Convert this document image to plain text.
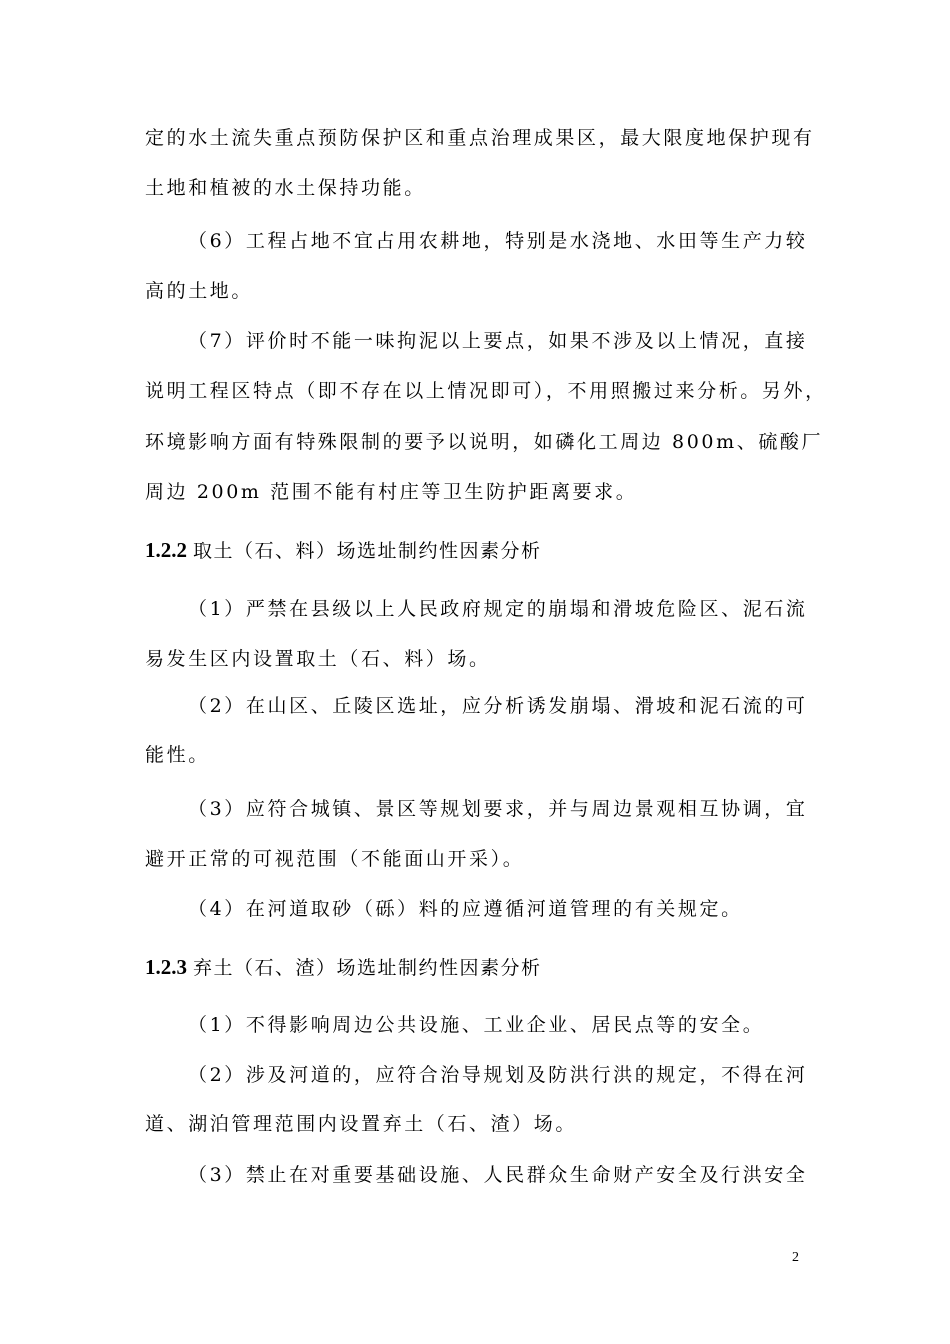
定的水土流失重点预防保护区和重点治理成果区，最大限度地保护现有
土地和植被的水土保持功能。
（6）工程占地不宜占用农耕地，特别是水浇地、水田等生产力较
高的土地。
（7）评价时不能一味拘泥以上要点，如果不涉及以上情况，直接
说明工程区特点（即不存在以上情况即可），不用照搬过来分析。另外，
环境影响方面有特殊限制的要予以说明，如磷化工周边 800m、硫酸厂
周边 200m 范围不能有村庄等卫生防护距离要求。
1.2.2 取土（石、料）场选址制约性因素分析
（1）严禁在县级以上人民政府规定的崩塌和滑坡危险区、泥石流
易发生区内设置取土（石、料）场。
（2）在山区、丘陵区选址，应分析诱发崩塌、滑坡和泥石流的可
能性。
（3）应符合城镇、景区等规划要求，并与周边景观相互协调，宜
避开正常的可视范围（不能面山开采）。
（4）在河道取砂（砾）料的应遵循河道管理的有关规定。
1.2.3 弃土（石、渣）场选址制约性因素分析
（1）不得影响周边公共设施、工业企业、居民点等的安全。
（2）涉及河道的，应符合治导规划及防洪行洪的规定，不得在河
道、湖泊管理范围内设置弃土（石、渣）场。
（3）禁止在对重要基础设施、人民群众生命财产安全及行洪安全
2
